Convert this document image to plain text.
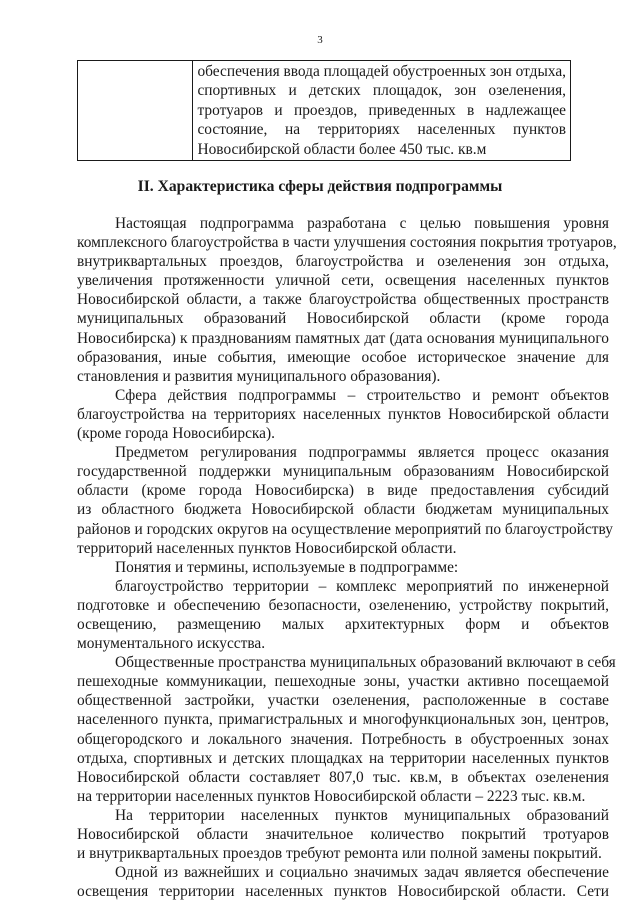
3

обеспечения ввода площадей обустроенных зон отдыха,
спортивных и детских площадок, зон озеленения,
тротуаров и проездов, приведенных в надлежащее
состояние, на территориях населенных пунктов
Новосибирской области более 450 тыс. кв.м
II. Характеристика сферы действия подпрограммы
Настоящая подпрограмма разработана с целью повышения уровня
комплексного благоустройства в части улучшения состояния покрытия тротуаров,
внутриквартальных проездов, благоустройства и озеленения зон отдыха,
увеличения протяженности уличной сети, освещения населенных пунктов
Новосибирской области, а также благоустройства общественных пространств
муниципальных образований Новосибирской области (кроме города
Новосибирска) к празднованиям памятных дат (дата основания муниципального
образования, иные события, имеющие особое историческое значение для
становления и развития муниципального образования).
Сфера действия подпрограммы – строительство и ремонт объектов
благоустройства на территориях населенных пунктов Новосибирской области
(кроме города Новосибирска).
Предметом регулирования подпрограммы является процесс оказания
государственной поддержки муниципальным образованиям Новосибирской
области (кроме города Новосибирска) в виде предоставления субсидий
из областного бюджета Новосибирской области бюджетам муниципальных
районов и городских округов на осуществление мероприятий по благоустройству
территорий населенных пунктов Новосибирской области.
Понятия и термины, используемые в подпрограмме:
благоустройство территории – комплекс мероприятий по инженерной
подготовке и обеспечению безопасности, озеленению, устройству покрытий,
освещению, размещению малых архитектурных форм и объектов
монументального искусства.
Общественные пространства муниципальных образований включают в себя
пешеходные коммуникации, пешеходные зоны, участки активно посещаемой
общественной застройки, участки озеленения, расположенные в составе
населенного пункта, примагистральных и многофункциональных зон, центров,
общегородского и локального значения. Потребность в обустроенных зонах
отдыха, спортивных и детских площадках на территории населенных пунктов
Новосибирской области составляет 807,0 тыс. кв.м, в объектах озеленения
на территории населенных пунктов Новосибирской области – 2223 тыс. кв.м.
На территории населенных пунктов муниципальных образований
Новосибирской области значительное количество покрытий тротуаров
и внутриквартальных проездов требуют ремонта или полной замены покрытий.
Одной из важнейших и социально значимых задач является обеспечение
освещения территории населенных пунктов Новосибирской области. Сети
